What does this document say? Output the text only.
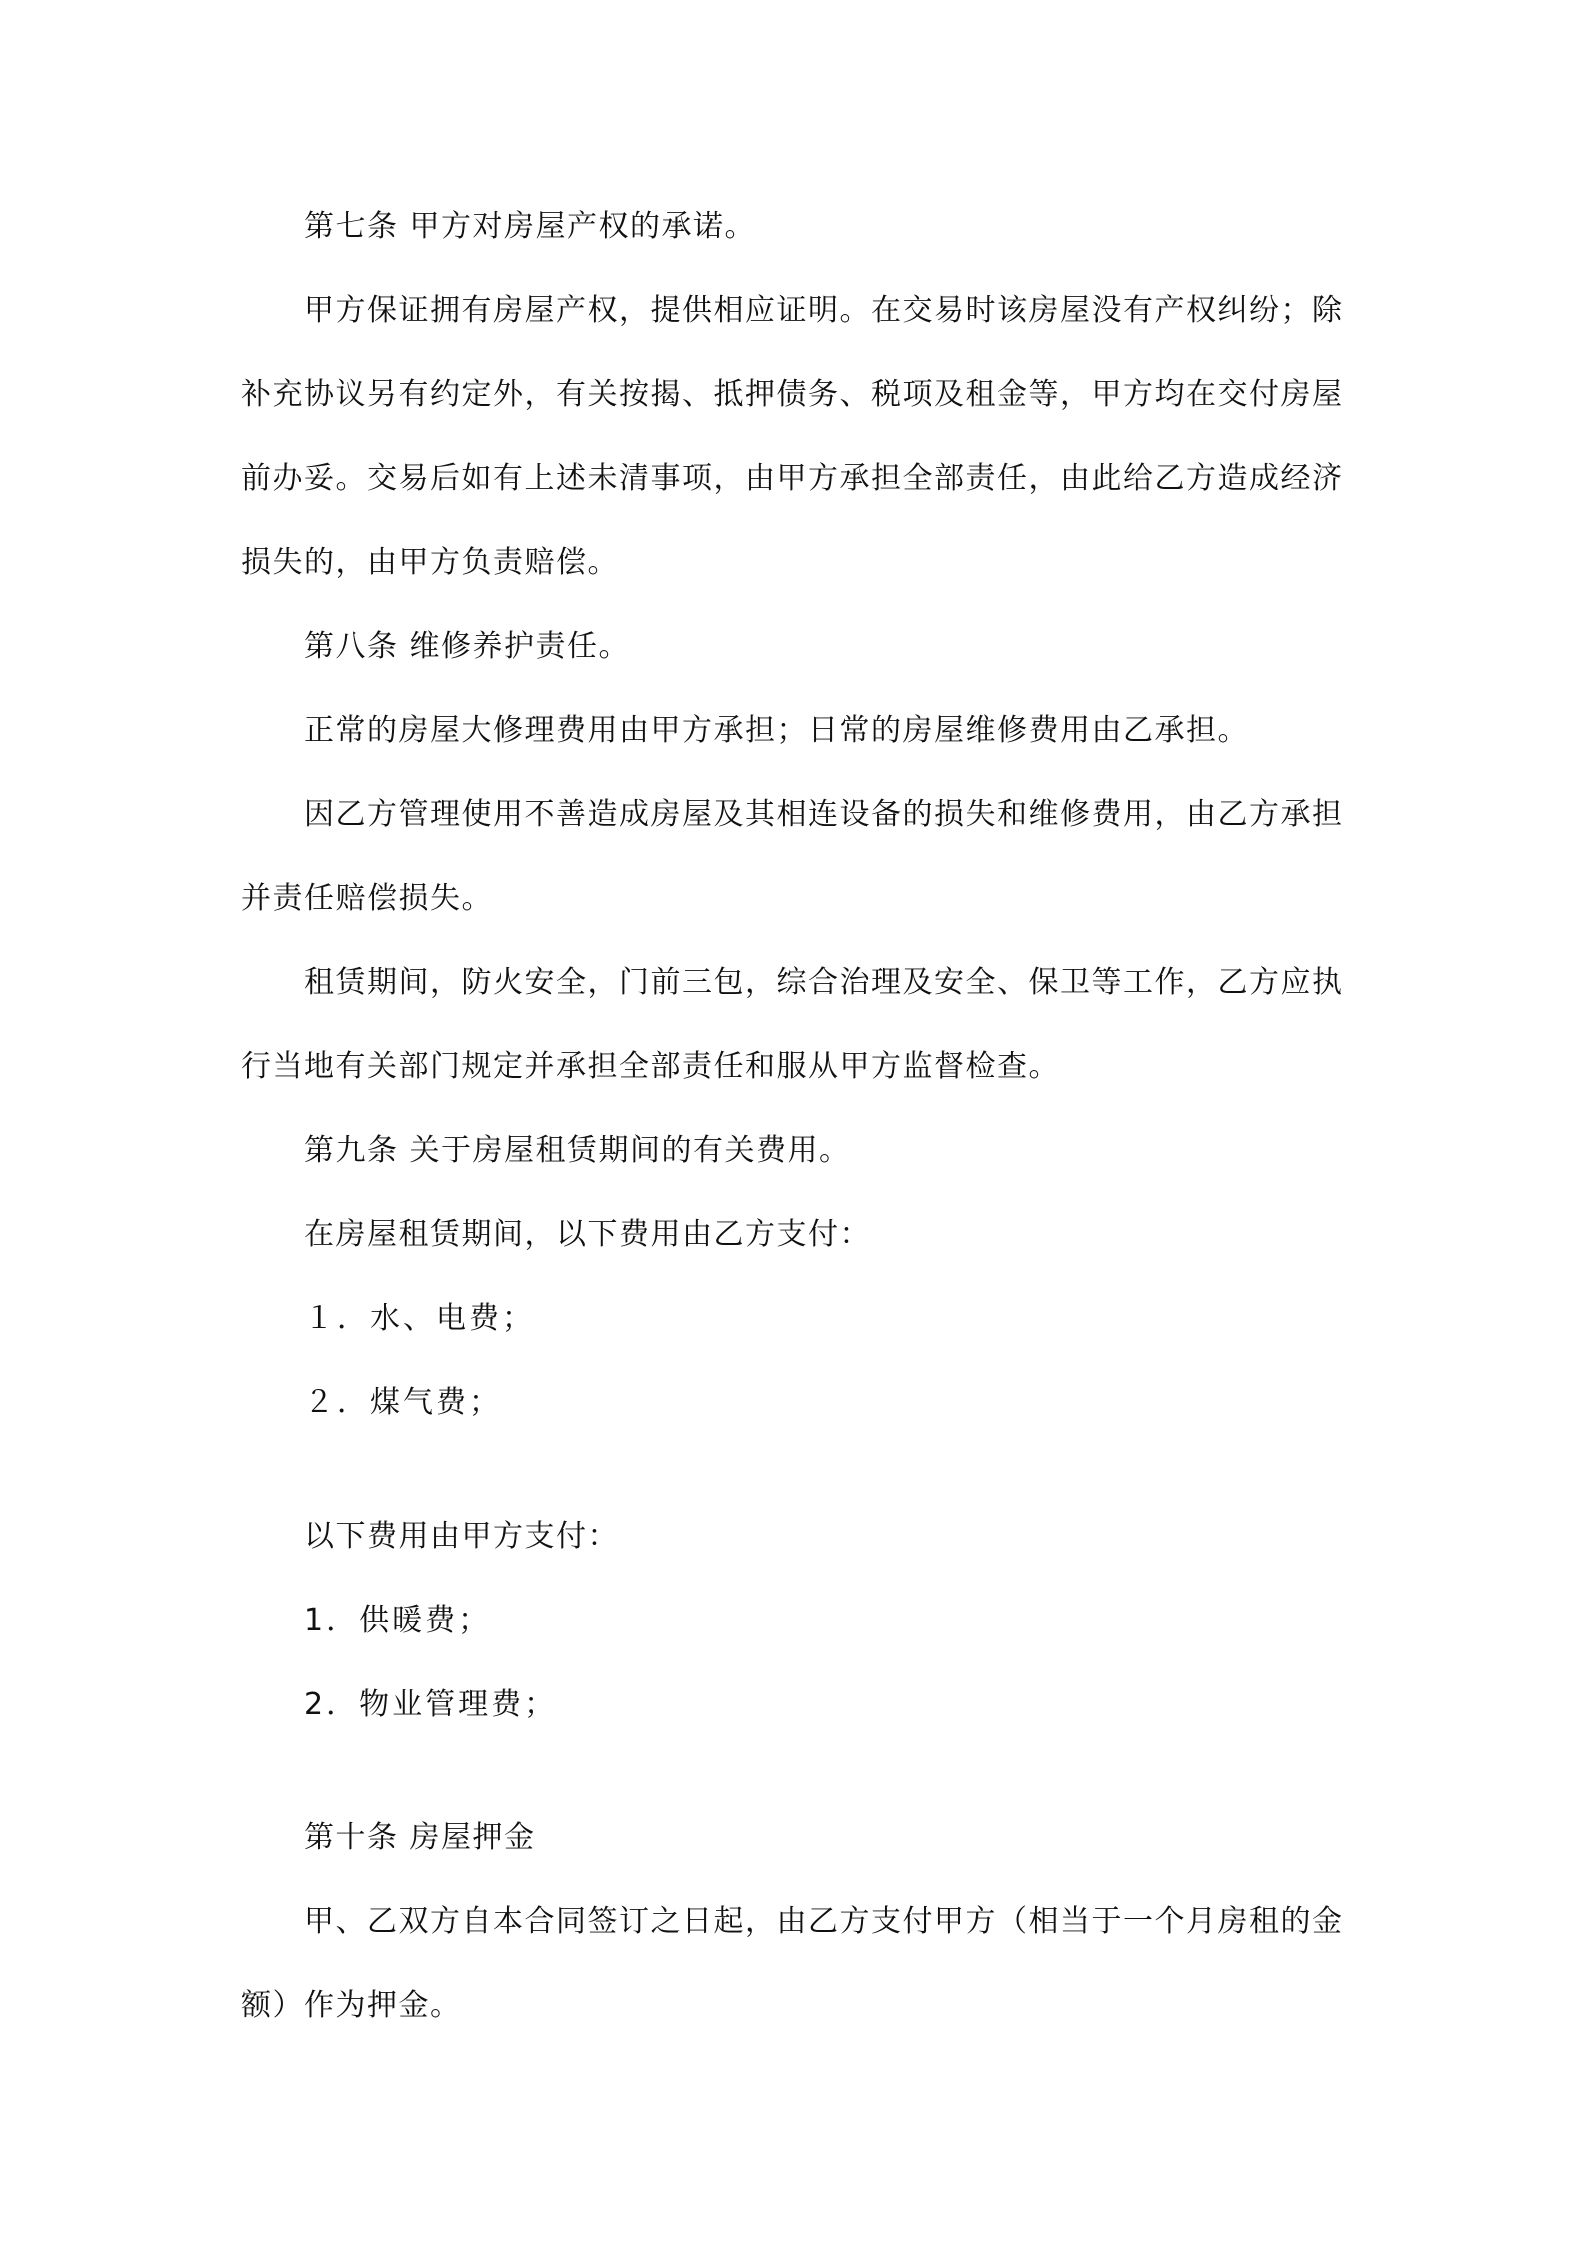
第七条 甲方对房屋产权的承诺。
甲方保证拥有房屋产权，提供相应证明。在交易时该房屋没有产权纠纷；除
补充协议另有约定外，有关按揭、抵押债务、税项及租金等，甲方均在交付房屋
前办妥。交易后如有上述未清事项，由甲方承担全部责任，由此给乙方造成经济
损失的，由甲方负责赔偿。
第八条 维修养护责任。
正常的房屋大修理费用由甲方承担；日常的房屋维修费用由乙承担。
因乙方管理使用不善造成房屋及其相连设备的损失和维修费用，由乙方承担
并责任赔偿损失。
租赁期间，防火安全，门前三包，综合治理及安全、保卫等工作，乙方应执
行当地有关部门规定并承担全部责任和服从甲方监督检查。
第九条 关于房屋租赁期间的有关费用。
在房屋租赁期间，以下费用由乙方支付：
１．水、电费；
２．煤气费；
以下费用由甲方支付：
1．供暖费；
2．物业管理费；
第十条 房屋押金
甲、乙双方自本合同签订之日起，由乙方支付甲方（相当于一个月房租的金
额）作为押金。
